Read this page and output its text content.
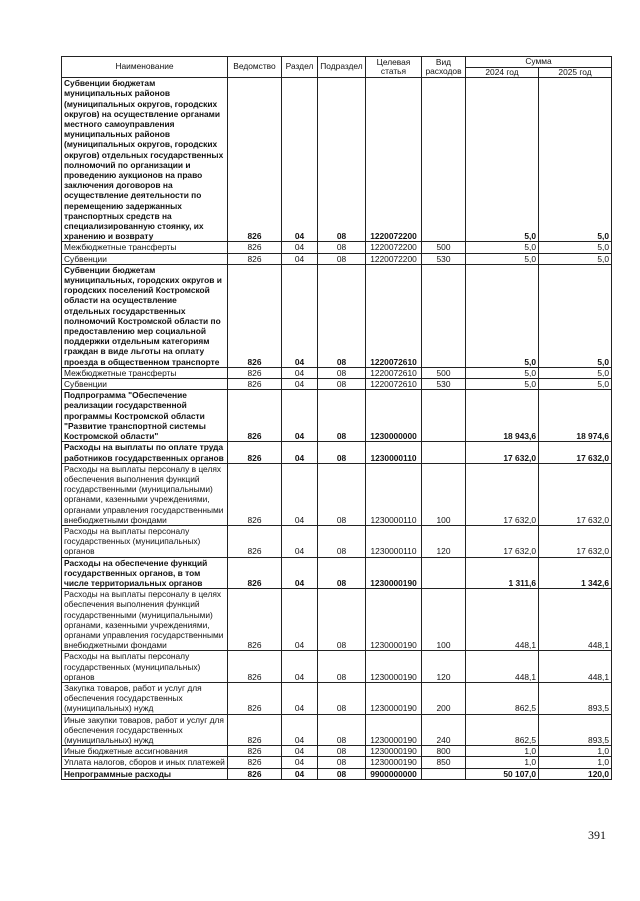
Наименование	Ведомство	Раздел	Подраздел	Целевая статья	Вид расходов	Сумма	
						2024 год	2025 год
Субвенции бюджетам муниципальных районов (муниципальных округов, городских округов) на осуществление органами местного самоуправления муниципальных районов (муниципальных округов, городских округов) отдельных государственных полномочий по организации и проведению аукционов на право заключения договоров на осуществление деятельности по перемещению задержанных транспортных средств на специализированную стоянку, их хранению и возврату	826	04	08	1220072200		5,0	5,0
Межбюджетные трансферты	826	04	08	1220072200	500	5,0	5,0
Субвенции	826	04	08	1220072200	530	5,0	5,0
Субвенции бюджетам муниципальных, городских округов и городских поселений Костромской области на осуществление отдельных государственных полномочий Костромской области по предоставлению мер социальной поддержки отдельным категориям граждан в виде льготы на оплату проезда в общественном транспорте	826	04	08	1220072610		5,0	5,0
Межбюджетные трансферты	826	04	08	1220072610	500	5,0	5,0
Субвенции	826	04	08	1220072610	530	5,0	5,0
Подпрограмма "Обеспечение реализации государственной программы Костромской области "Развитие транспортной системы Костромской области"	826	04	08	1230000000		18 943,6	18 974,6
Расходы на выплаты по оплате труда работников государственных органов	826	04	08	1230000110		17 632,0	17 632,0
Расходы на выплаты персоналу в целях обеспечения выполнения функций государственными (муниципальными) органами, казенными учреждениями, органами управления государственными внебюджетными фондами	826	04	08	1230000110	100	17 632,0	17 632,0
Расходы на выплаты персоналу государственных (муниципальных) органов	826	04	08	1230000110	120	17 632,0	17 632,0
Расходы на обеспечение функций государственных органов, в том числе территориальных органов	826	04	08	1230000190		1 311,6	1 342,6
Расходы на выплаты персоналу в целях обеспечения выполнения функций государственными (муниципальными) органами, казенными учреждениями, органами управления государственными внебюджетными фондами	826	04	08	1230000190	100	448,1	448,1
Расходы на выплаты персоналу государственных (муниципальных) органов	826	04	08	1230000190	120	448,1	448,1
Закупка товаров, работ и услуг для обеспечения государственных (муниципальных) нужд	826	04	08	1230000190	200	862,5	893,5
Иные закупки товаров, работ и услуг для обеспечения государственных (муниципальных) нужд	826	04	08	1230000190	240	862,5	893,5
Иные бюджетные ассигнования	826	04	08	1230000190	800	1,0	1,0
Уплата налогов, сборов и иных платежей	826	04	08	1230000190	850	1,0	1,0
Непрограммные расходы	826	04	08	9900000000		50 107,0	120,0
391
